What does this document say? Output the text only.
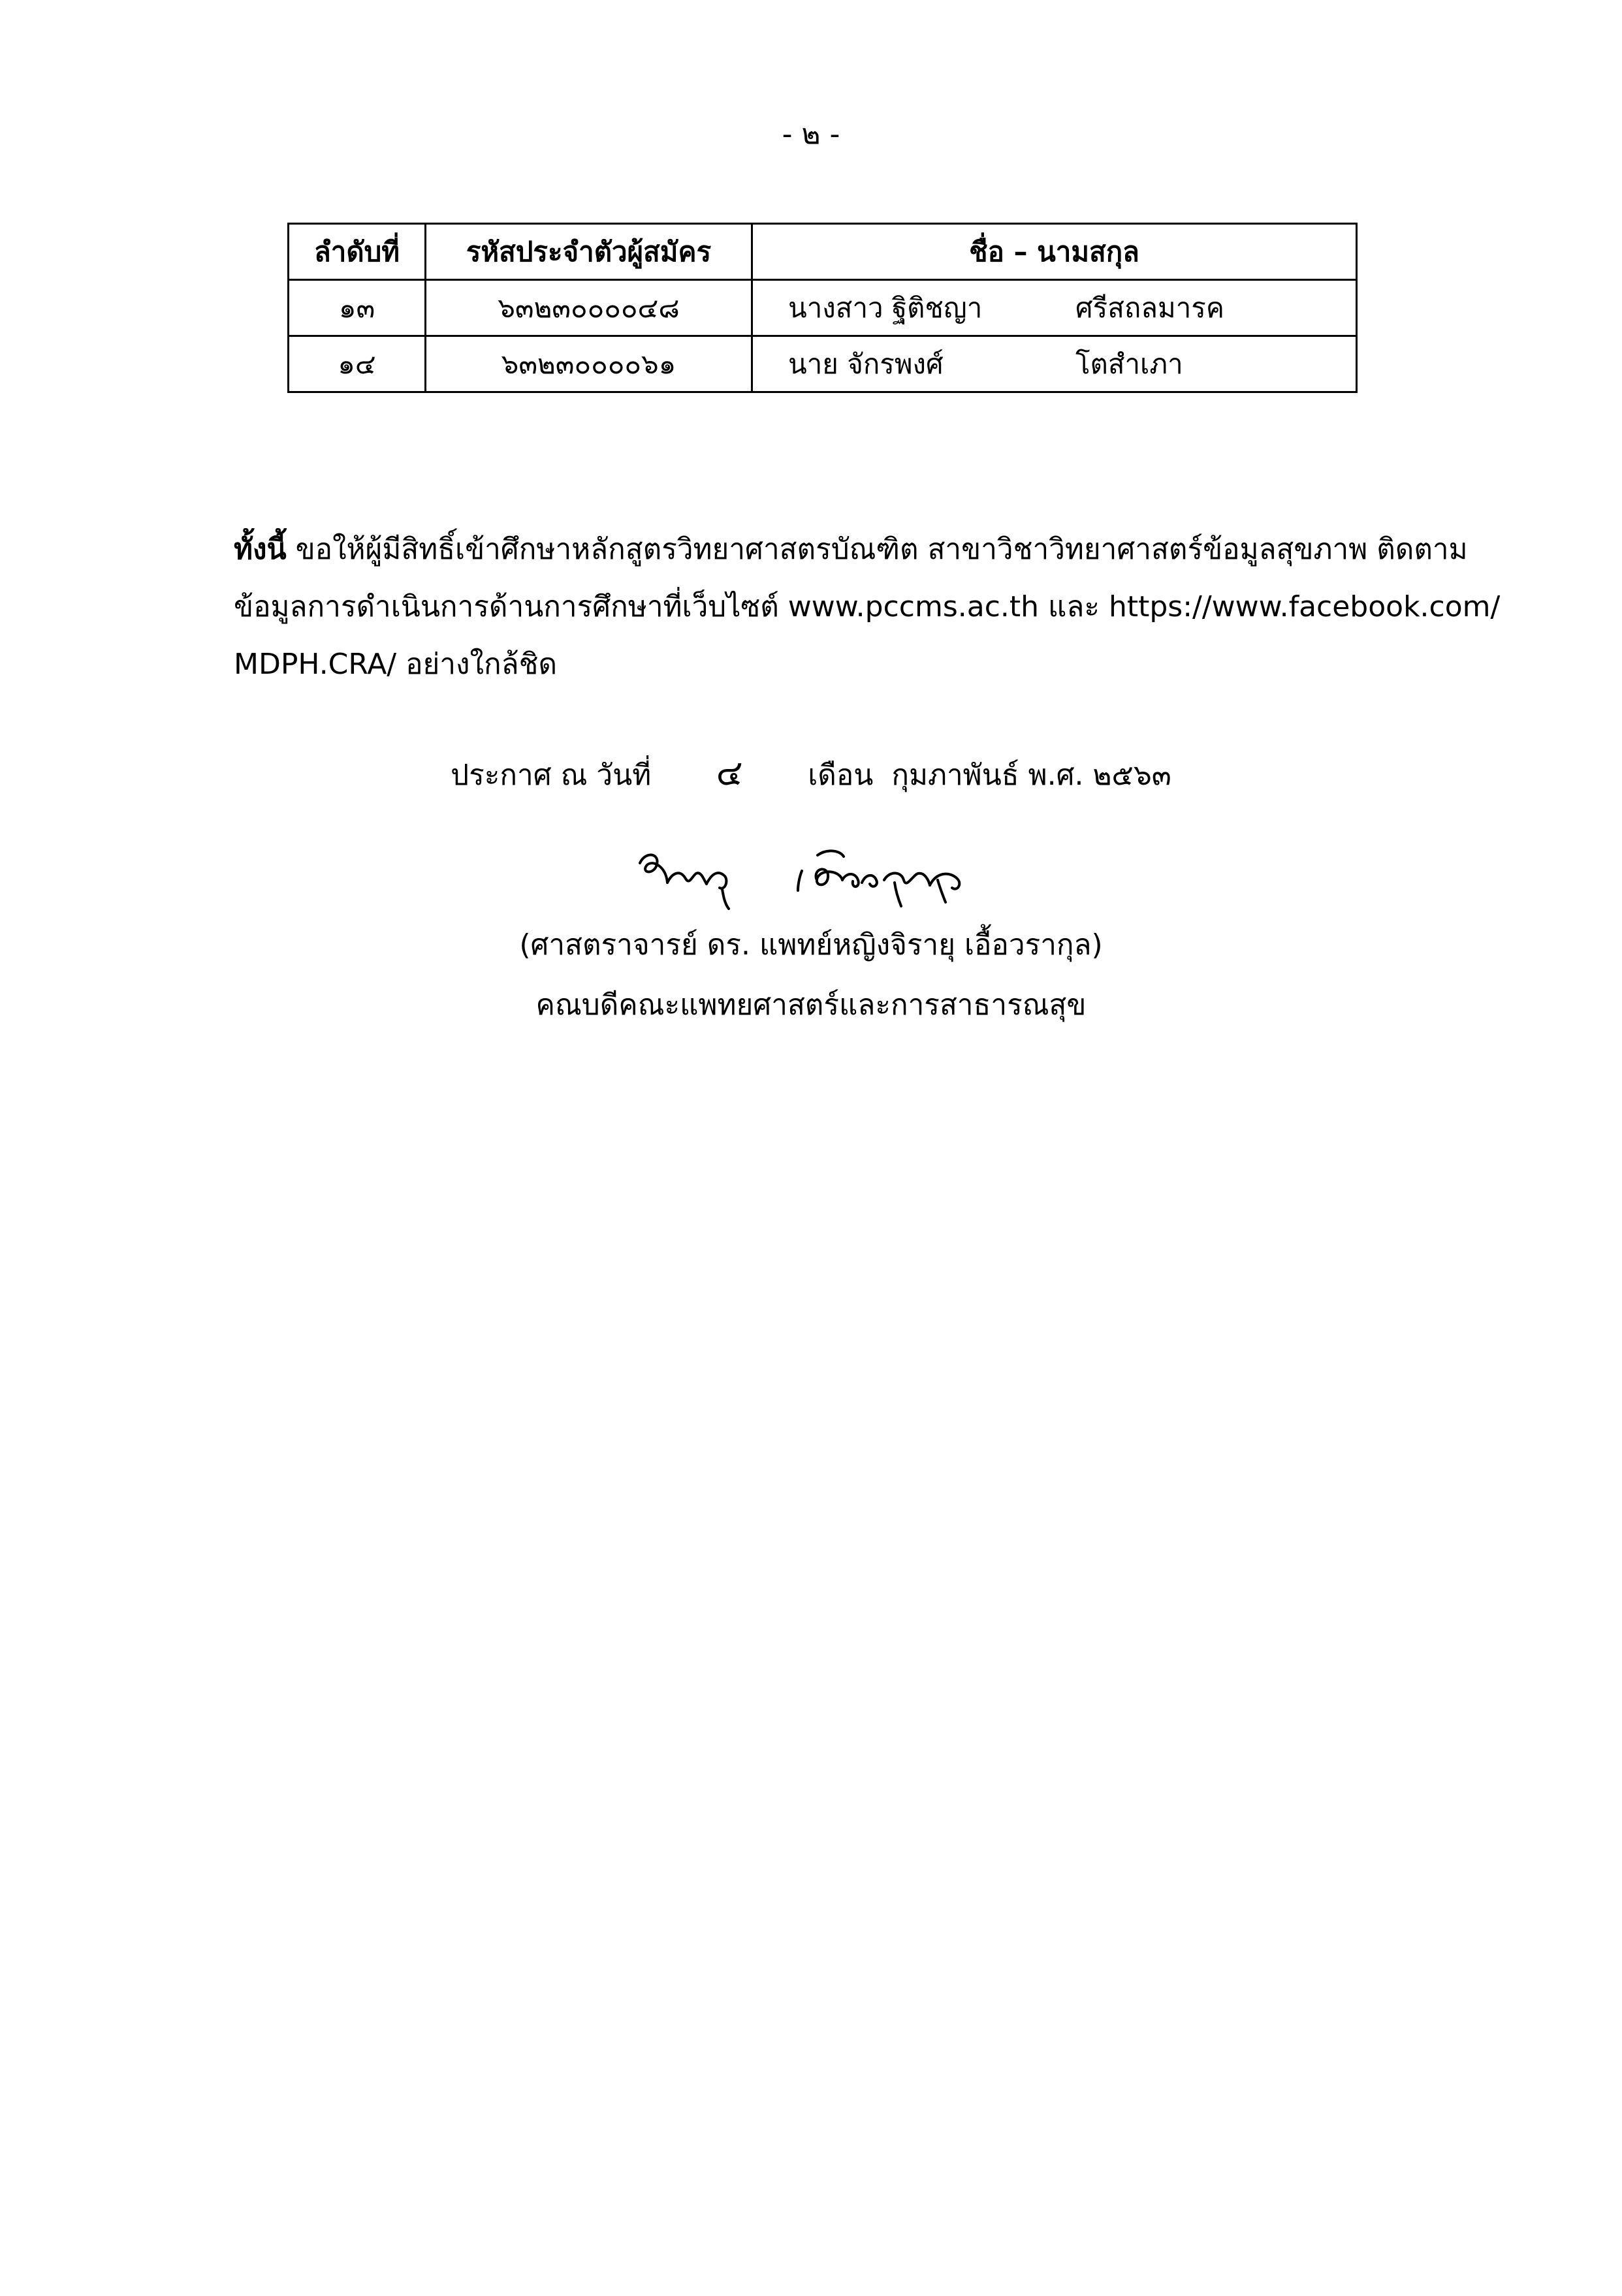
- ๒ -
ลำดับที่	รหัสประจำตัวผู้สมัคร	ชื่อ – นามสกุล
๑๓	๖๓๒๓๐๐๐๐๔๘	นางสาว ฐิติชญา ศรีสถลมารค
๑๔	๖๓๒๓๐๐๐๐๖๑	นาย จักรพงศ์ โตสำเภา
ทั้งนี้ ขอให้ผู้มีสิทธิ์เข้าศึกษาหลักสูตรวิทยาศาสตรบัณฑิต สาขาวิชาวิทยาศาสตร์ข้อมูลสุขภาพ ติดตาม
ข้อมูลการดำเนินการด้านการศึกษาที่เว็บไซต์ www.pccms.ac.th และ https://www.facebook.com/
MDPH.CRA/ อย่างใกล้ชิด
ประกาศ ณ วันที่ ๔ เดือน กุมภาพันธ์ พ.ศ. ๒๕๖๓
(ศาสตราจารย์ ดร. แพทย์หญิงจิรายุ เอื้อวรากุล)
คณบดีคณะแพทยศาสตร์และการสาธารณสุข
